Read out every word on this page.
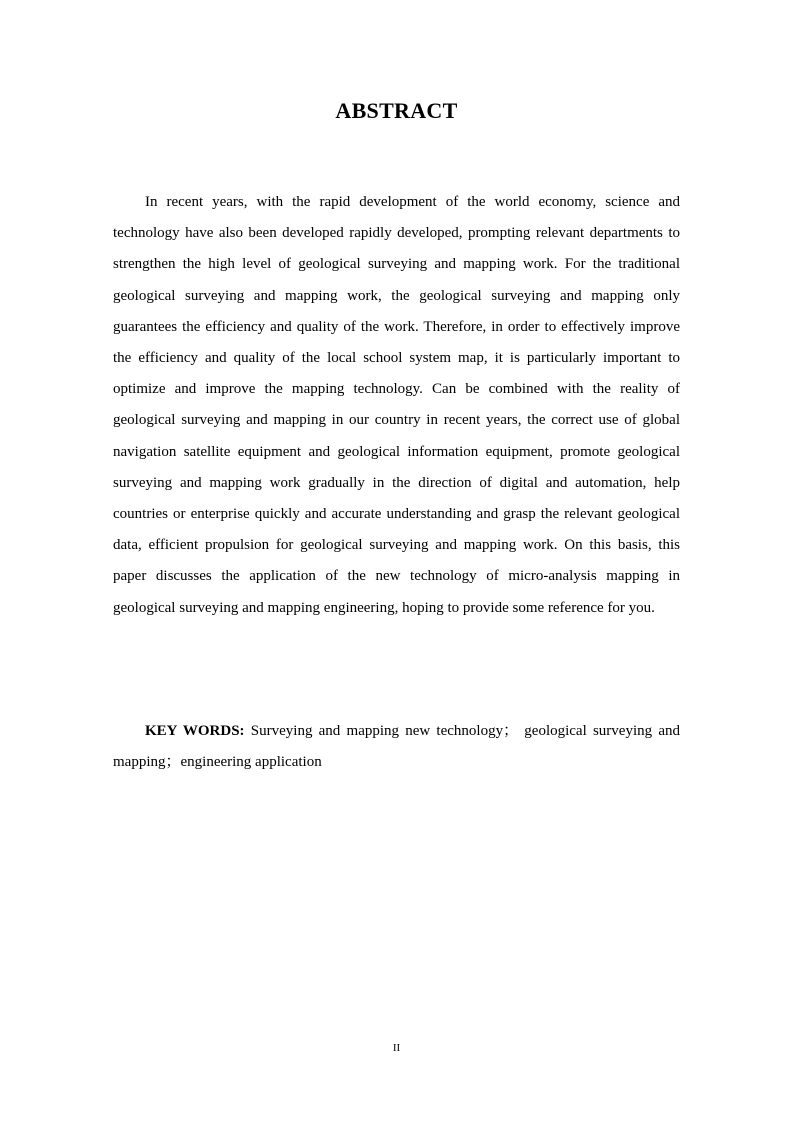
ABSTRACT

In recent years, with the rapid development of the world economy, science and technology have also been developed rapidly developed, prompting relevant departments to strengthen the high level of geological surveying and mapping work. For the traditional geological surveying and mapping work, the geological surveying and mapping only guarantees the efficiency and quality of the work. Therefore, in order to effectively improve the efficiency and quality of the local school system map, it is particularly important to optimize and improve the mapping technology. Can be combined with the reality of geological surveying and mapping in our country in recent years, the correct use of global navigation satellite equipment and geological information equipment, promote geological surveying and mapping work gradually in the direction of digital and automation, help countries or enterprise quickly and accurate understanding and grasp the relevant geological data, efficient propulsion for geological surveying and mapping work. On this basis, this paper discusses the application of the new technology of micro-analysis mapping in geological surveying and mapping engineering, hoping to provide some reference for you.

KEY WORDS: Surveying and mapping new technology； geological surveying and mapping；engineering application

II
